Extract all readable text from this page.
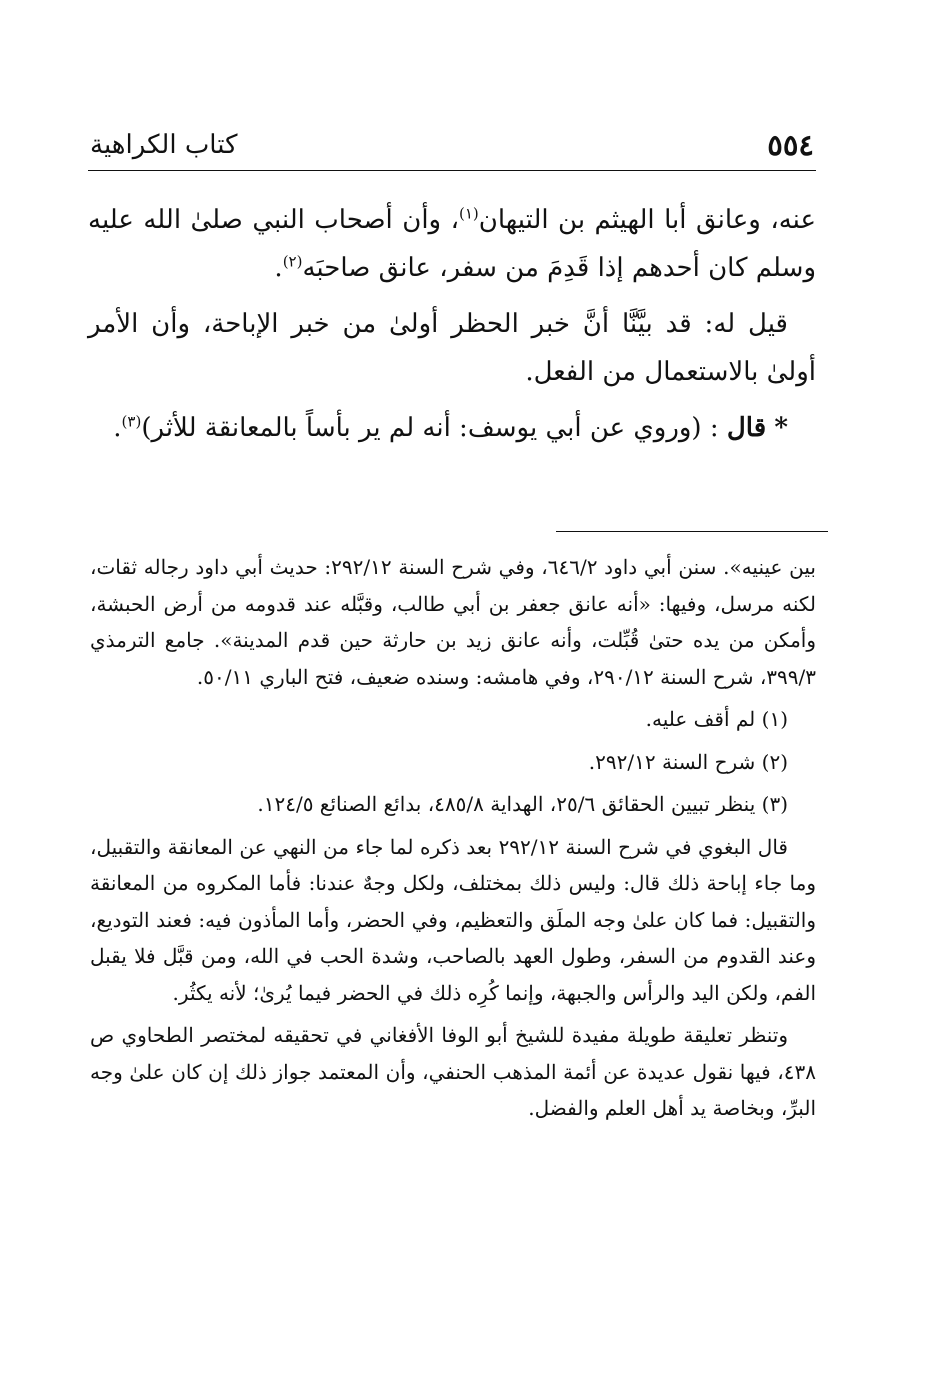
٥٥٤
كتاب الكراهية

عنه، وعانق أبا الهيثم بن التيهان$^{(١)}$، وأن أصحاب النبي صلىٰ الله عليه وسلم كان أحدهم إذا قَدِمَ من سفر، عانق صاحبَه$^{(٢)}$.

قيل له: قد بيَّنَّا أنَّ خبر الحظر أولىٰ من خبر الإباحة، وأن الأمر أولىٰ بالاستعمال من الفعل.

* قال : (وروي عن أبي يوسف: أنه لم ير بأساً بالمعانقة للأثر)$^{(٣)}$.

بين عينيه». سنن أبي داود ٦٤٦/٢، وفي شرح السنة ٢٩٢/١٢: حديث أبي داود رجاله ثقات، لكنه مرسل، وفيها: «أنه عانق جعفر بن أبي طالب، وقبَّله عند قدومه من أرض الحبشة، وأمكن من يده حتىٰ قُبِّلت، وأنه عانق زيد بن حارثة حين قدم المدينة». جامع الترمذي ٣٩٩/٣، شرح السنة ٢٩٠/١٢، وفي هامشه: وسنده ضعيف، فتح الباري ٥٠/١١.

(١) لم أقف عليه.

(٢) شرح السنة ٢٩٢/١٢.

(٣) ينظر تبيين الحقائق ٢٥/٦، الهداية ٤٨٥/٨، بدائع الصنائع ١٢٤/٥.

قال البغوي في شرح السنة ٢٩٢/١٢ بعد ذكره لما جاء من النهي عن المعانقة والتقبيل، وما جاء إباحة ذلك قال: وليس ذلك بمختلف، ولكل وجهٌ عندنا: فأما المكروه من المعانقة والتقبيل: فما كان علىٰ وجه الملَق والتعظيم، وفي الحضر، وأما المأذون فيه: فعند التوديع، وعند القدوم من السفر، وطول العهد بالصاحب، وشدة الحب في الله، ومن قبَّل فلا يقبل الفم، ولكن اليد والرأس والجبهة، وإنما كُرِه ذلك في الحضر فيما يُرىٰ؛ لأنه يكثُر.

وتنظر تعليقة طويلة مفيدة للشيخ أبو الوفا الأفغاني في تحقيقه لمختصر الطحاوي ص ٤٣٨، فيها نقول عديدة عن أئمة المذهب الحنفي، وأن المعتمد جواز ذلك إن كان علىٰ وجه البرِّ، وبخاصة يد أهل العلم والفضل.
